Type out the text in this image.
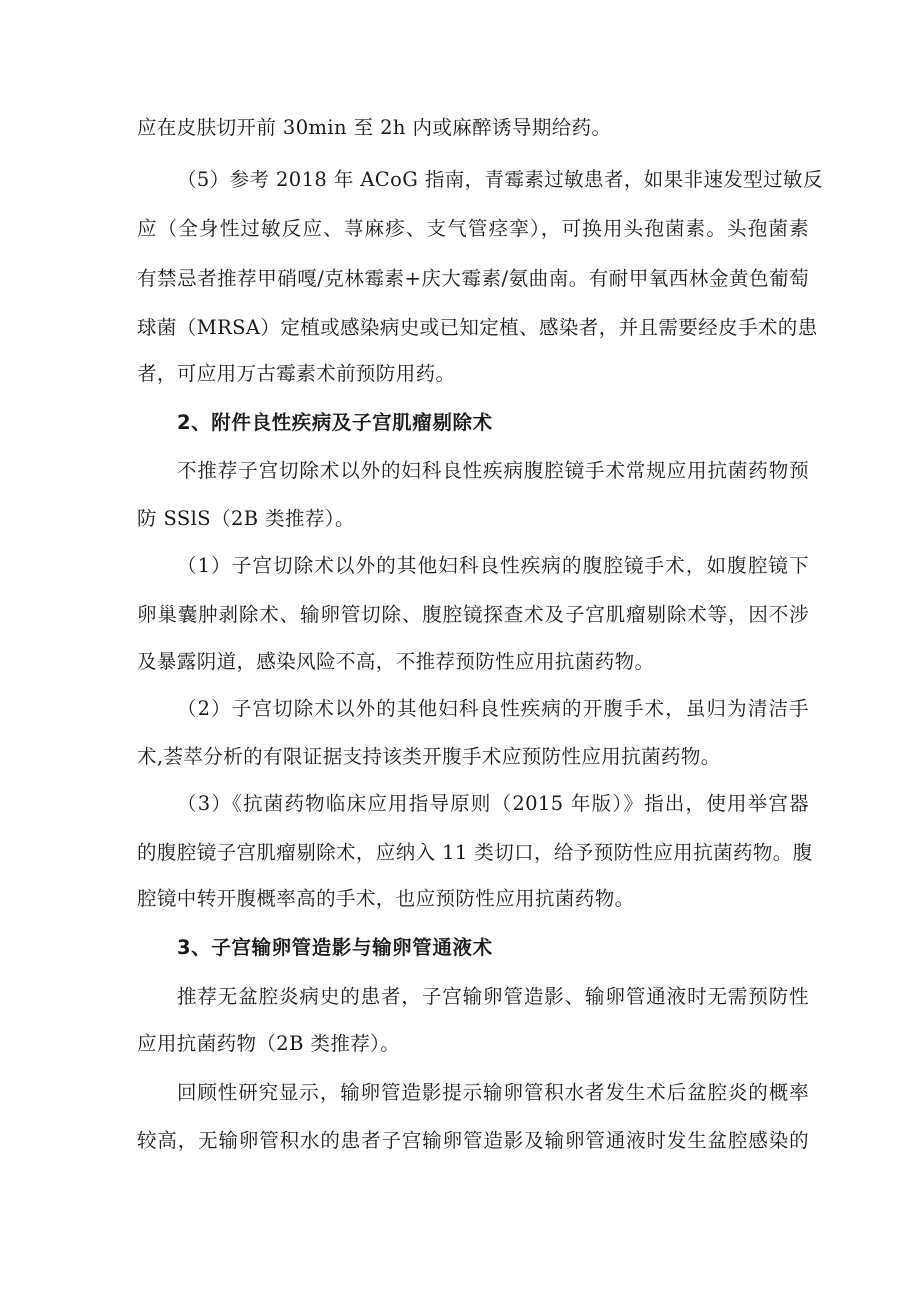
应在皮肤切开前 30min 至 2h 内或麻醉诱导期给药。
（5）参考 2018 年 ACoG 指南，青霉素过敏患者，如果非速发型过敏反
应（全身性过敏反应、荨麻疹、支气管痉挛），可换用头孢菌素。头孢菌素
有禁忌者推荐甲硝嘎/克林霉素+庆大霉素/氨曲南。有耐甲氧西林金黄色葡萄
球菌（MRSA）定植或感染病史或已知定植、感染者，并且需要经皮手术的患
者，可应用万古霉素术前预防用药。
2、附件良性疾病及子宫肌瘤剔除术
不推荐子宫切除术以外的妇科良性疾病腹腔镜手术常规应用抗菌药物预
防 SSlS（2B 类推荐）。
（1）子宫切除术以外的其他妇科良性疾病的腹腔镜手术，如腹腔镜下
卵巢囊肿剥除术、输卵管切除、腹腔镜探查术及子宫肌瘤剔除术等，因不涉
及暴露阴道，感染风险不高，不推荐预防性应用抗菌药物。
（2）子宫切除术以外的其他妇科良性疾病的开腹手术，虽归为清洁手
术,荟萃分析的有限证据支持该类开腹手术应预防性应用抗菌药物。
（3）《抗菌药物临床应用指导原则（2015 年版）》指出，使用举宫器
的腹腔镜子宫肌瘤剔除术，应纳入 11 类切口，给予预防性应用抗菌药物。腹
腔镜中转开腹概率高的手术，也应预防性应用抗菌药物。
3、子宫输卵管造影与输卵管通液术
推荐无盆腔炎病史的患者，子宫输卵管造影、输卵管通液时无需预防性
应用抗菌药物（2B 类推荐）。
回顾性研究显示，输卵管造影提示输卵管积水者发生术后盆腔炎的概率
较高，无输卵管积水的患者子宫输卵管造影及输卵管通液时发生盆腔感染的
